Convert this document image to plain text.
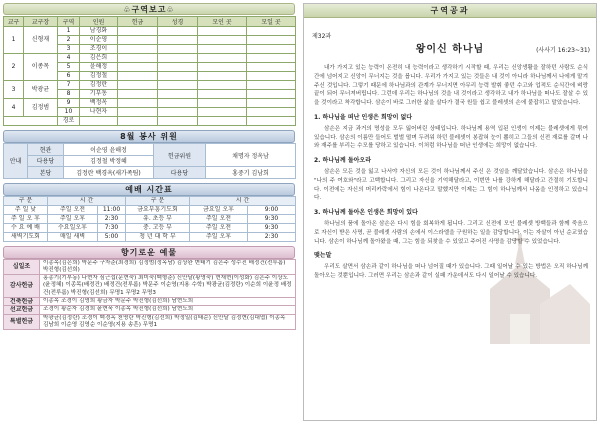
♧구역보고♧
교구	교구장	구역	인원	헌금	성경	모인 곳	모일 곳
1	신형재	1	남경화				
		2	이순영				
		3	조경이				
2	이종목	4	김은희				
		5	윤해정				
		6	김정철				
3	박광균	7	김정란				
		8	기부동				
4	김정범	9	백정옥				
		10	나현자				
		경로					
8월 봉사 위원
안내	현관	이순영 윤해정	헌금위원	채명자 정옥남
	다용당	김정철 박정혜		
	본당	김정란 백경옥(새가족팀)	다용당	홍중기 김남희
예배 시간표
구 분	시 간		구 분	시 간	
주 일 낮	주일 오전	11:00	금요부흥기도회	금요일 오후	9:00
주 일 오 후	주일 오후	2:30	유. 초등 부	주일 오전	9:30
수 요 예 배	수요일오후	7:30	중. 고등 부	주일 오전	9:30
새벽기도회	매일 새벽	5:00	청 년 대 학 부	주일 오후	2:30
향기로운 예물
십일조	이종목(김은희) 박문주 구자준(최경희) 김정범(정옥남) 김상완 변태기 김은주 성수진 배정건(전루롬) 박진형(김선희)
감사헌금	홍종기(기부동) 나현자 심근섭(문현숙) 최미숙(백형준) 신안달(황영숙) 현재현(이성화) 김은주 이상도(윤정혜) 이종목(배정건) 배정건(전루롬) 박문주 이순영(지용 수학) 박광균(김정란) 이순희 이윤정 배정건(전루롬) 박진형(김선희) 무명1 무명2 무명3
건축헌금	이종목 조경이 김영희 황금자 박문주 박진형(김선희) 남현도희
선교헌금	조경이 황순자 김경희 윤현욱 이종목 박진형(김선희) 남현도희
특별헌금	박광균(김정란) 조경이 백경옥 천명란 박진형(김선희) 박정일(김태순) 신안달 김정현(김대엽) 이종목 김남희 이순영 김영순 이순영(지용 송흔) 무명1
구역공과
제32과
왕이신 하나님	(사사기 16:23~31)

내가 가지고 있는 능력이 온전히 내 능력이라고 생각하기 시작할 때, 우리는 신앙생활을 잘하던 사람도 순식간에 넘어지고 신앙이 무너지는 것을 봅니다. 우리가 가지고 있는 것들은 내 것이 아니라 하나님께서 나에게 맡겨주신 것입니다. 그렇기 때문에 하나님과의 관계가 무너지면 아무리 능력 발휘 좋던 수고와 업적도 순식간에 벼랑끝이 되어 무너져버립니다. 그런데 우리는 하나님의 것을 내 것이라고 생각하고 내가 하나님을 떠나도 잘살 수 있을 것이라고 착각합니다. 삼손이 바로 그러한 삶을 살다가 결국 원들 쉽고 블레셋의 손에 붙잡히고 말았습니다.

1. 하나님을 떠난 인생은 희망이 없다

삼손은 지금 과거의 명성을 모두 잃어버린 상태입니다. 하나님께 용역 입된 인생이 이제는 블레셋에게 묶여 있습니다. 삼손의 이름만 들어도 벌벌 떨며 두려워 하던 블레셋이 봉잡혀 눈이 뽑히고 그들의 신전 재료를 갈며 나와 재주를 부리는 수모를 당하고 있습니다. 이처럼 하나님을 떠난 인생에는 희망이 없습니다.

2. 하나님께 돌아오라

삼손은 모든 것을 잃고 나서야 자신의 모든 것이 하나님께서 주신 은 것임을 깨달았습니다. 삼손은 하나님을 "나의 주 여호와"라고 고백합니다. 그리고 자신을 기억해달라고, 이번만 나를 강하게 해달라고 간절히 기도합니다. 이전에는 자신의 머리카락에서 힘이 나온다고 말했지만 이제는 그 힘이 하나님께서 나옴을 인정하고 있습니다.

3. 하나님께 돌아온 인생은 희망이 있다

하나님의 품에 돌아온 삼손은 다시 힘을 회복하게 됩니다. 그리고 신전에 모인 블레셋 방백들과 함께 죽음으로 자신이 받은 사명, 곧 블레셋 사람의 손에서 이스라엘을 구원하는 일을 감당합니다. 이는 자살이 아닌 순교였습니다. 삼손이 하나님께 돌아왔을 때, 그는 힘을 되찾을 수 있었고 주어진 사명을 감당할 수 있었습니다.

맺는말

우리도 살면서 삼손과 같이 하나님을 떠나 넘어질 때가 있습니다. 그때 일어날 수 있는 방법은 오직 하나님께 돌아오는 것뿐입니다. 그러면 우리는 삼손과 같이 실패 가운데서도 다시 일어날 수 있습니다.
